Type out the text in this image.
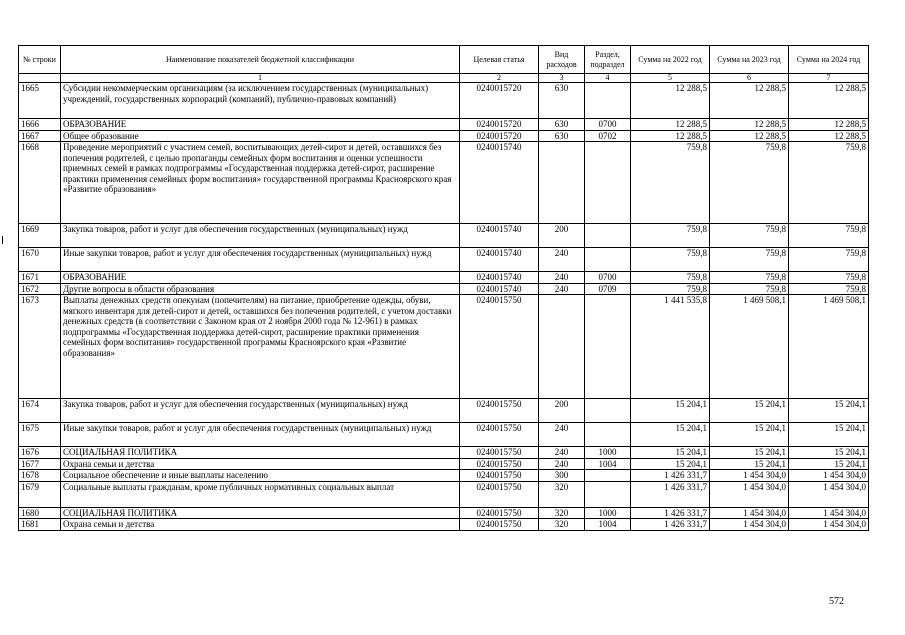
№ строки	Наименование показателей бюджетной классификации	Целевая статья	Вид расходов	Раздел, подраздел	Сумма на 2022 год	Сумма на 2023 год	Сумма на 2024 год
	1	2	3	4	5	6	7
1665	Субсидии некоммерческим организациям (за исключением государственных (муниципальных) учреждений, государственных корпораций (компаний), публично-правовых компаний)	0240015720	630		12 288,5	12 288,5	12 288,5
1666	ОБРАЗОВАНИЕ	0240015720	630	0700	12 288,5	12 288,5	12 288,5
1667	Общее образование	0240015720	630	0702	12 288,5	12 288,5	12 288,5
1668	Проведение мероприятий с участием семей, воспитывающих детей-сирот и детей, оставшихся без попечения родителей, с целью пропаганды семейных форм воспитания и оценки успешности приемных семей в рамках подпрограммы «Государственная поддержка детей-сирот, расширение практики применения семейных форм воспитания» государственной программы Красноярского края «Развитие образования»	0240015740			759,8	759,8	759,8
1669	Закупка товаров, работ и услуг для обеспечения государственных (муниципальных) нужд	0240015740	200		759,8	759,8	759,8
1670	Иные закупки товаров, работ и услуг для обеспечения государственных (муниципальных) нужд	0240015740	240		759,8	759,8	759,8
1671	ОБРАЗОВАНИЕ	0240015740	240	0700	759,8	759,8	759,8
1672	Другие вопросы в области образования	0240015740	240	0709	759,8	759,8	759,8
1673	Выплаты денежных средств опекунам (попечителям) на питание, приобретение одежды, обуви, мягкого инвентаря для детей-сирот и детей, оставшихся без попечения родителей, с учетом доставки денежных средств (в соответствии с Законом края от 2 ноября 2000 года № 12-961) в рамках подпрограммы «Государственная поддержка детей-сирот, расширение практики применения семейных форм воспитания» государственной программы Красноярского края «Развитие образования»	0240015750			1 441 535,8	1 469 508,1	1 469 508,1
1674	Закупка товаров, работ и услуг для обеспечения государственных (муниципальных) нужд	0240015750	200		15 204,1	15 204,1	15 204,1
1675	Иные закупки товаров, работ и услуг для обеспечения государственных (муниципальных) нужд	0240015750	240		15 204,1	15 204,1	15 204,1
1676	СОЦИАЛЬНАЯ ПОЛИТИКА	0240015750	240	1000	15 204,1	15 204,1	15 204,1
1677	Охрана семьи и детства	0240015750	240	1004	15 204,1	15 204,1	15 204,1
1678	Социальное обеспечение и иные выплаты населению	0240015750	300		1 426 331,7	1 454 304,0	1 454 304,0
1679	Социальные выплаты гражданам, кроме публичных нормативных социальных выплат	0240015750	320		1 426 331,7	1 454 304,0	1 454 304,0
1680	СОЦИАЛЬНАЯ ПОЛИТИКА	0240015750	320	1000	1 426 331,7	1 454 304,0	1 454 304,0
1681	Охрана семьи и детства	0240015750	320	1004	1 426 331,7	1 454 304,0	1 454 304,0
572
